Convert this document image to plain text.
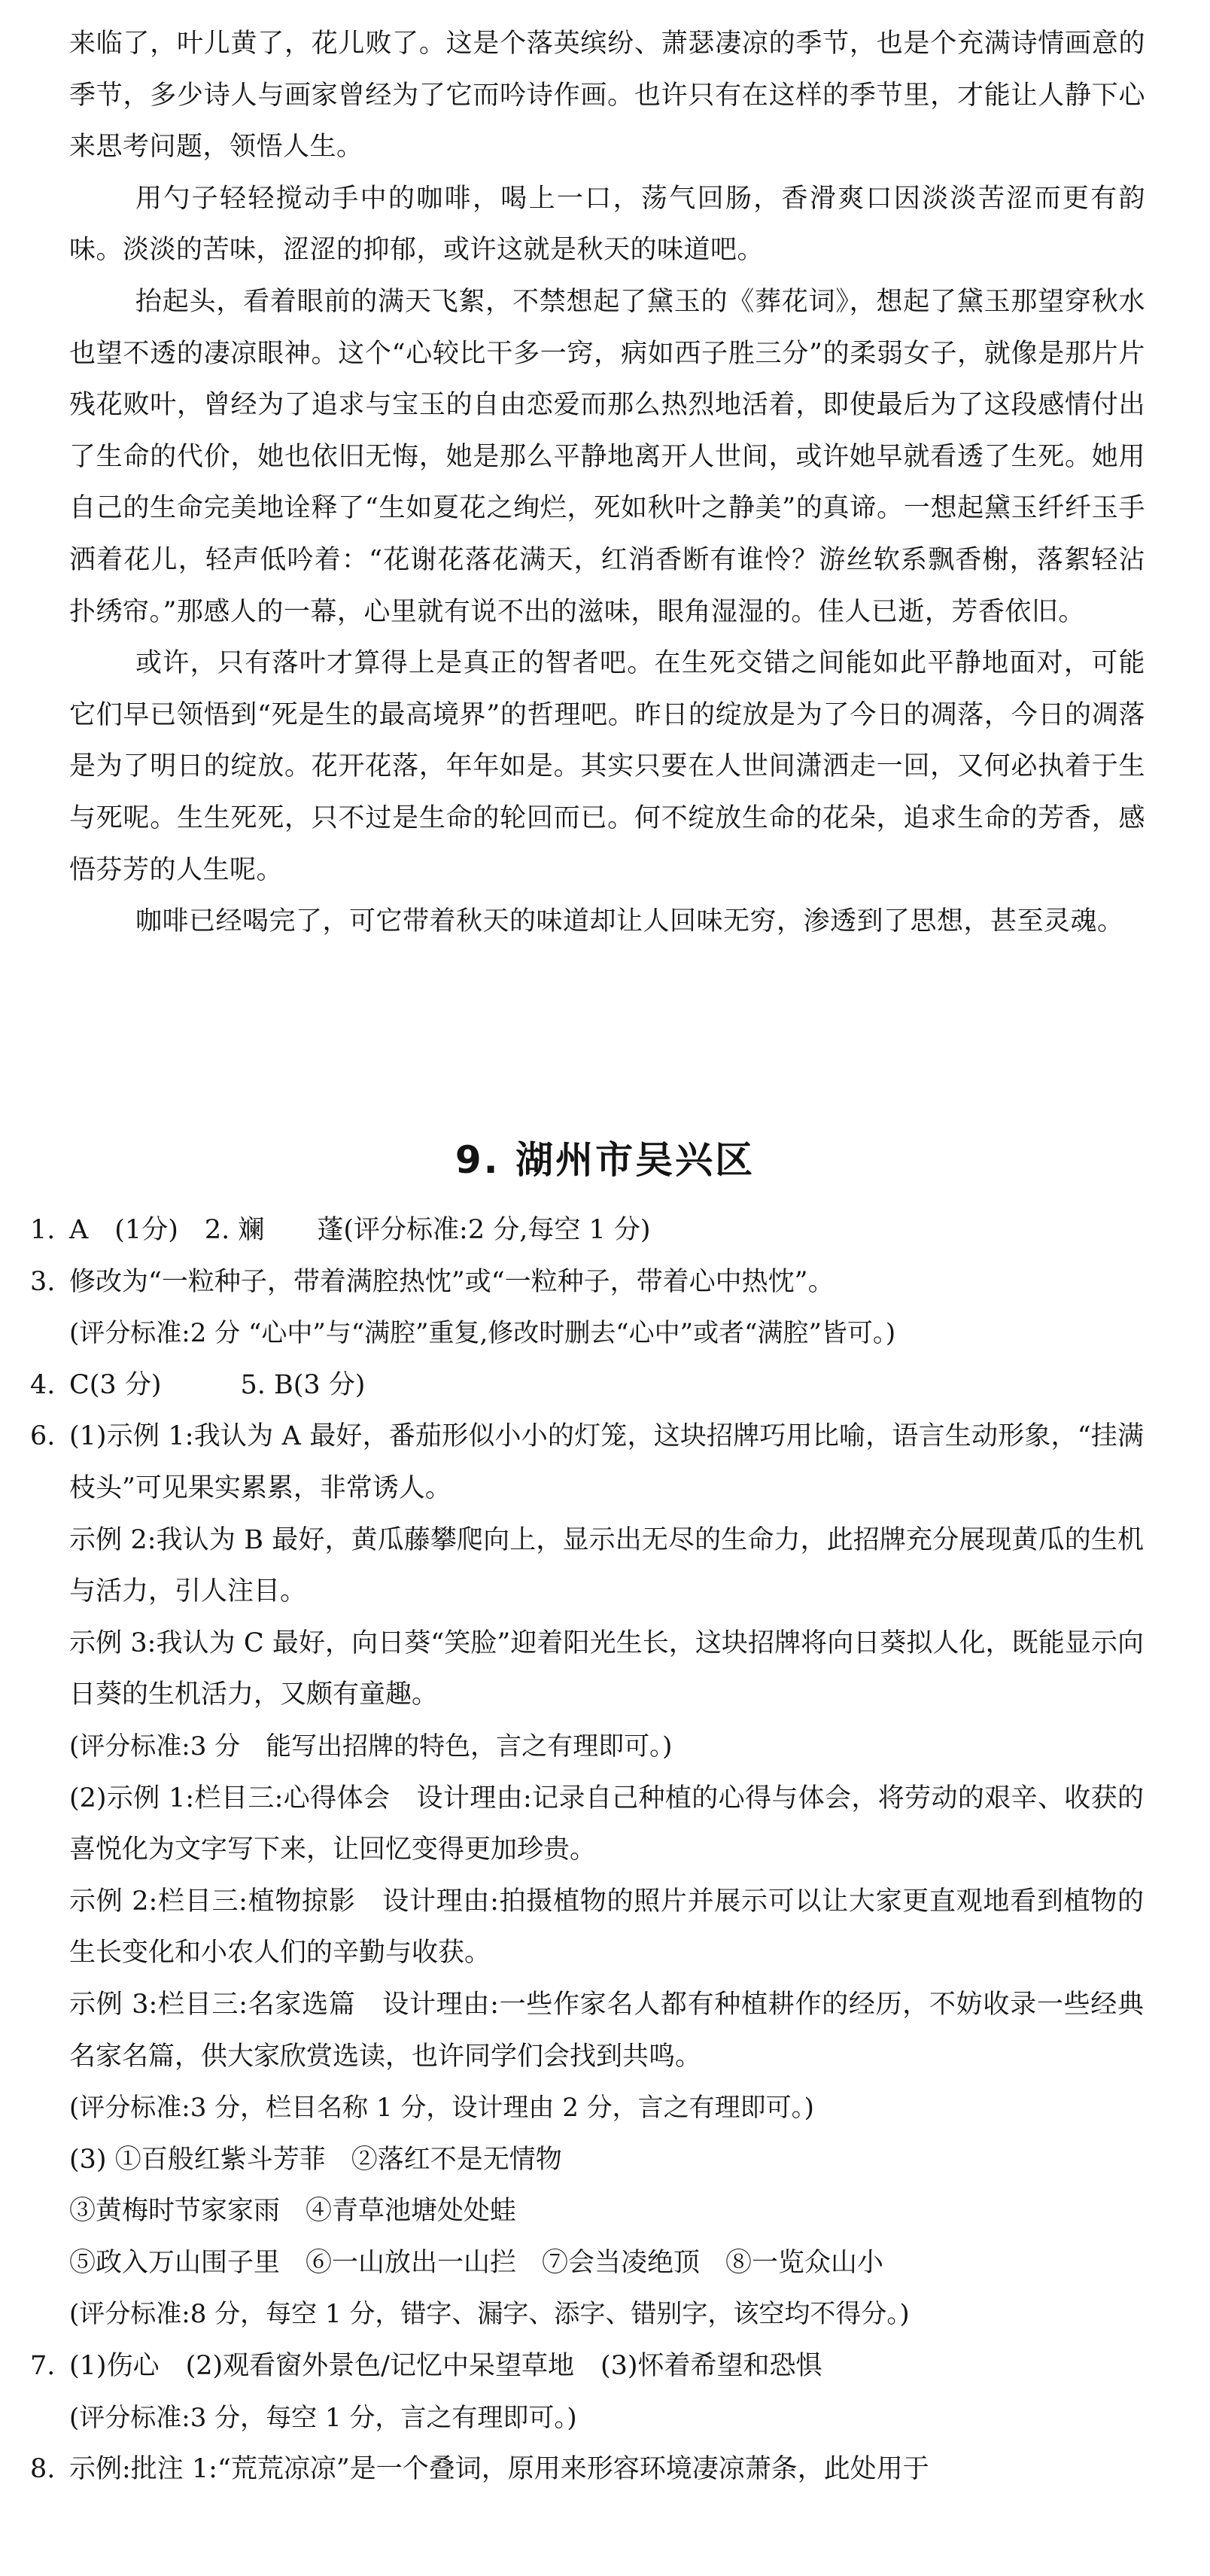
来临了，叶儿黄了，花儿败了。这是个落英缤纷、萧瑟凄凉的季节，也是个充满诗情画意的季节，多少诗人与画家曾经为了它而吟诗作画。也许只有在这样的季节里，才能让人静下心来思考问题，领悟人生。

用勺子轻轻搅动手中的咖啡，喝上一口，荡气回肠，香滑爽口因淡淡苦涩而更有韵味。淡淡的苦味，涩涩的抑郁，或许这就是秋天的味道吧。

抬起头，看着眼前的满天飞絮，不禁想起了黛玉的《葬花词》，想起了黛玉那望穿秋水也望不透的凄凉眼神。这个“心较比干多一窍，病如西子胜三分”的柔弱女子，就像是那片片残花败叶，曾经为了追求与宝玉的自由恋爱而那么热烈地活着，即使最后为了这段感情付出了生命的代价，她也依旧无悔，她是那么平静地离开人世间，或许她早就看透了生死。她用自己的生命完美地诠释了“生如夏花之绚烂，死如秋叶之静美”的真谛。一想起黛玉纤纤玉手洒着花儿，轻声低吟着：“花谢花落花满天，红消香断有谁怜？游丝软系飘香榭，落絮轻沾扑绣帘。”那感人的一幕，心里就有说不出的滋味，眼角湿湿的。佳人已逝，芳香依旧。

或许，只有落叶才算得上是真正的智者吧。在生死交错之间能如此平静地面对，可能它们早已领悟到“死是生的最高境界”的哲理吧。昨日的绽放是为了今日的凋落，今日的凋落是为了明日的绽放。花开花落，年年如是。其实只要在人世间潇洒走一回，又何必执着于生与死呢。生生死死，只不过是生命的轮回而已。何不绽放生命的花朵，追求生命的芳香，感悟芬芳的人生呢。

咖啡已经喝完了，可它带着秋天的味道却让人回味无穷，渗透到了思想，甚至灵魂。

9. 湖州市吴兴区
1. A　(1分)　2. 斓　　蓬(评分标准:2 分,每空 1 分)

3. 修改为“一粒种子，带着满腔热忱”或“一粒种子，带着心中热忱”。

(评分标准:2 分 “心中”与“满腔”重复,修改时删去“心中”或者“满腔”皆可。)

4. C(3 分)　　　5. B(3 分)

6. (1)示例 1:我认为 A 最好，番茄形似小小的灯笼，这块招牌巧用比喻，语言生动形象，“挂满枝头”可见果实累累，非常诱人。

示例 2:我认为 B 最好，黄瓜藤攀爬向上，显示出无尽的生命力，此招牌充分展现黄瓜的生机与活力，引人注目。

示例 3:我认为 C 最好，向日葵“笑脸”迎着阳光生长，这块招牌将向日葵拟人化，既能显示向日葵的生机活力，又颇有童趣。

(评分标准:3 分　能写出招牌的特色，言之有理即可。)

(2)示例 1:栏目三:心得体会　设计理由:记录自己种植的心得与体会，将劳动的艰辛、收获的喜悦化为文字写下来，让回忆变得更加珍贵。

示例 2:栏目三:植物掠影　设计理由:拍摄植物的照片并展示可以让大家更直观地看到植物的生长变化和小农人们的辛勤与收获。

示例 3:栏目三:名家选篇　设计理由:一些作家名人都有种植耕作的经历，不妨收录一些经典名家名篇，供大家欣赏选读，也许同学们会找到共鸣。

(评分标准:3 分，栏目名称 1 分，设计理由 2 分，言之有理即可。)

(3) ①百般红紫斗芳菲 ②落红不是无情物

③黄梅时节家家雨 ④青草池塘处处蛙

⑤政入万山围子里 ⑥一山放出一山拦 ⑦会当凌绝顶 ⑧一览众山小

(评分标准:8 分，每空 1 分，错字、漏字、添字、错别字，该空均不得分。)

7. (1)伤心　(2)观看窗外景色/记忆中呆望草地　(3)怀着希望和恐惧

(评分标准:3 分，每空 1 分，言之有理即可。)

8. 示例:批注 1:“荒荒凉凉”是一个叠词，原用来形容环境凄凉萧条，此处用于
